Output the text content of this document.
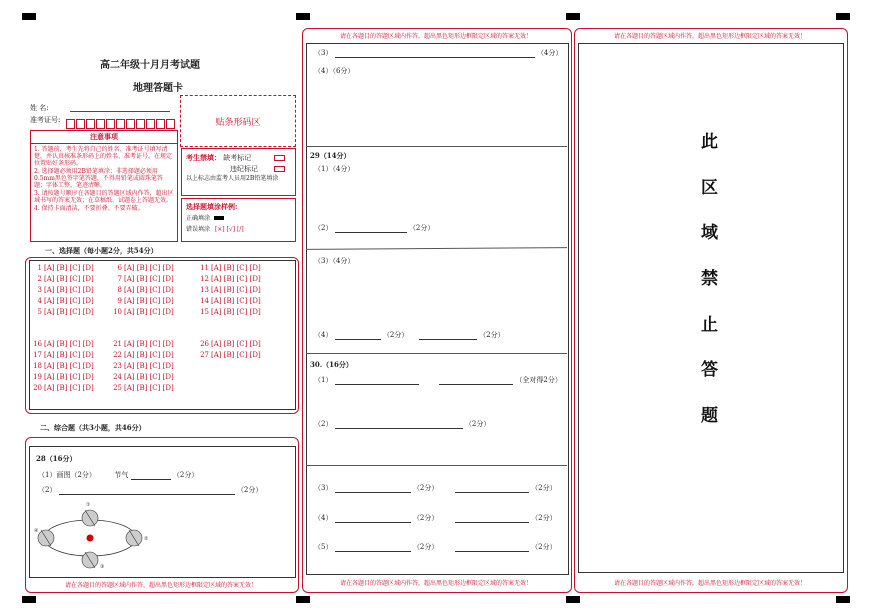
高二年级十月月考试题
地理答题卡
姓 名:
准考证号:	贴条形码区
注意事项
1. 答题前，考生先将自己的姓名、准考证号填写清楚，并认真核准条形码上的姓名、准考证号，在规定位置贴好条形码。
2. 选择题必须用2B铅笔填涂；非选择题必须用0.5mm黑色签字笔答题，不得用铅笔或圆珠笔答题；字体工整、笔迹清晰。
3. 请按题号顺序在各题目的答题区域内作答，超出区域书写的答案无效；在草稿纸、试题卷上答题无效。
4. 保持卡面清洁，不要折叠、不要弄破。
考生禁填： 缺考标记
违纪标记
以上标志由监考人员用2B铅笔填涂
选择题填涂样例:
正确填涂
错误填涂 [×] [√] [/]
一、选择题（每小题2分，共54分）
1 [A] [B] [C] [D]
2 [A] [B] [C] [D]
3 [A] [B] [C] [D]
4 [A] [B] [C] [D]
5 [A] [B] [C] [D]
6 [A] [B] [C] [D]
7 [A] [B] [C] [D]
8 [A] [B] [C] [D]
9 [A] [B] [C] [D]
10 [A] [B] [C] [D]
11 [A] [B] [C] [D]
12 [A] [B] [C] [D]
13 [A] [B] [C] [D]
14 [A] [B] [C] [D]
15 [A] [B] [C] [D]
16 [A] [B] [C] [D]
17 [A] [B] [C] [D]
18 [A] [B] [C] [D]
19 [A] [B] [C] [D]
20 [A] [B] [C] [D]
21 [A] [B] [C] [D]
22 [A] [B] [C] [D]
23 [A] [B] [C] [D]
24 [A] [B] [C] [D]
25 [A] [B] [C] [D]
26 [A] [B] [C] [D]
27 [A] [B] [C] [D]
二、综合题（共3小题，共46分）
28（16分）
（1）画图（2分）	节气	（2分）
（2）	（2分）
①
②
④
③
请在各题目的答题区域内作答，超出黑色矩形边框限定区域的答案无效！
请在各题目的答题区域内作答，超出黑色矩形边框限定区域的答案无效！
（3）	（4分）
（4）（6分）
29（14分）
（1）（4分）
（2）	（2分）
（3）（4分）
（4）	（2分）	（2分）
30.（16分）
（1）	（全对得2分）
（2）	（2分）
（3）	（2分）	（2分）
（4）	（2分）	（2分）
（5）	（2分）	（2分）
请在各题目的答题区域内作答，超出黑色矩形边框限定区域的答案无效！
请在各题目的答题区域内作答，超出黑色矩形边框限定区域的答案无效！
此
区
域
禁
止
答
题
请在各题目的答题区域内作答，超出黑色矩形边框限定区域的答案无效！
